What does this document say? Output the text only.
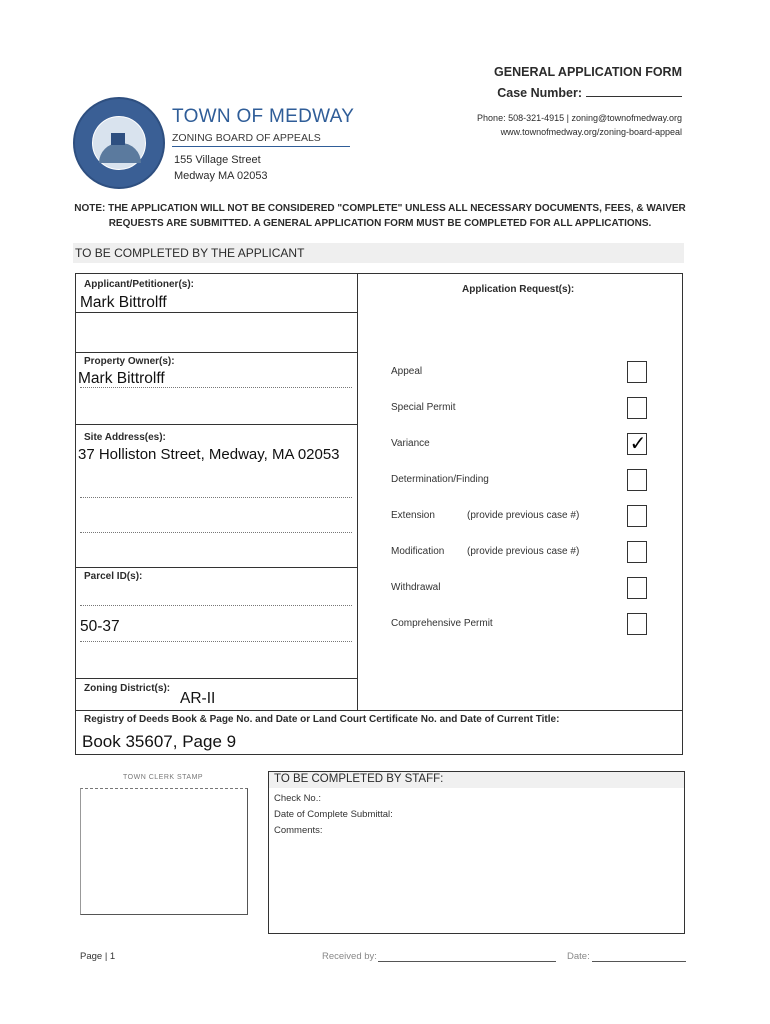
GENERAL APPLICATION FORM
Case Number:
TOWN OF MEDWAY
ZONING BOARD OF APPEALS
155 Village Street
Medway MA 02053
Phone: 508-321-4915 | zoning@townofmedway.org
www.townofmedway.org/zoning-board-appeal
NOTE: THE APPLICATION WILL NOT BE CONSIDERED "COMPLETE" UNLESS ALL NECESSARY DOCUMENTS, FEES, & WAIVER
REQUESTS ARE SUBMITTED. A GENERAL APPLICATION FORM MUST BE COMPLETED FOR ALL APPLICATIONS.
TO BE COMPLETED BY THE APPLICANT
Applicant/Petitioner(s):
Mark Bittrolff
Property Owner(s):
Mark Bittrolff
Site Address(es):
37 Holliston Street, Medway, MA 02053
Parcel ID(s):
50-37
Zoning District(s):
AR-II
Registry of Deeds Book & Page No. and Date or Land Court Certificate No. and Date of Current Title:
Book 35607, Page 9
Application Request(s):
Appeal
Special Permit
Variance	✓
Determination/Finding
Extension	(provide previous case #)
Modification (provide previous case #)
Withdrawal
Comprehensive Permit
TOWN CLERK STAMP	TO BE COMPLETED BY STAFF:
Check No.:
Date of Complete Submittal:
Comments:
Page | 1	Received by:	Date:
